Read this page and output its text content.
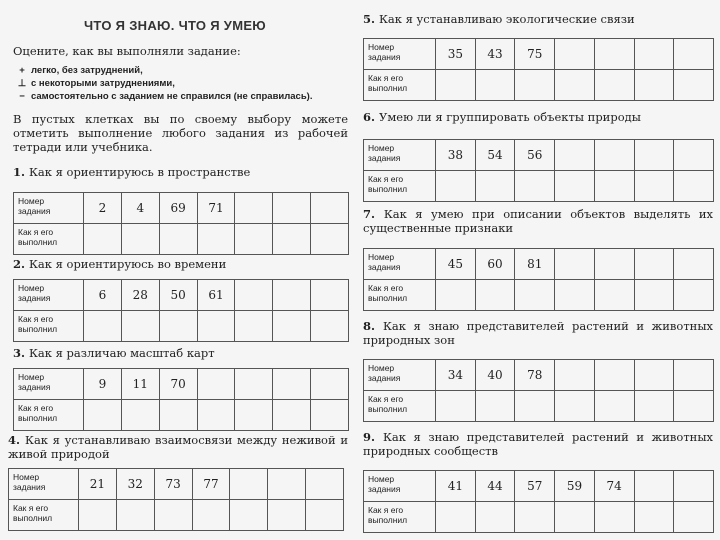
ЧТО Я ЗНАЮ. ЧТО Я УМЕЮ
Оцените, как вы выполняли задание:
+ легко, без затруднений,
⊥ с некоторыми затруднениями,
− самостоятельно с заданием не справился (не справилась).
В пустых клетках вы по своему выбору можете отметить выполнение любого задания из рабочей тетради или учебника.
1. Как я ориентируюсь в пространстве
Номер
задания	2	4	69	71			
Как я его
выполнил							
2. Как я ориентируюсь во времени
Номер
задания	6	28	50	61			
Как я его
выполнил							
3. Как я различаю масштаб карт
Номер
задания	9	11	70				
Как я его
выполнил							
4. Как я устанавливаю взаимосвязи между неживой и живой природой
Номер
задания	21	32	73	77			
Как я его
выполнил							
5. Как я устанавливаю экологические связи
Номер
задания	35	43	75				
Как я его
выполнил							
6. Умею ли я группировать объекты природы
Номер
задания	38	54	56				
Как я его
выполнил							
7. Как я умею при описании объектов выделять их существенные признаки
Номер
задания	45	60	81				
Как я его
выполнил							
8. Как я знаю представителей растений и животных природных зон
Номер
задания	34	40	78				
Как я его
выполнил							
9. Как я знаю представителей растений и животных природных сообществ
Номер
задания	41	44	57	59	74		
Как я его
выполнил							
